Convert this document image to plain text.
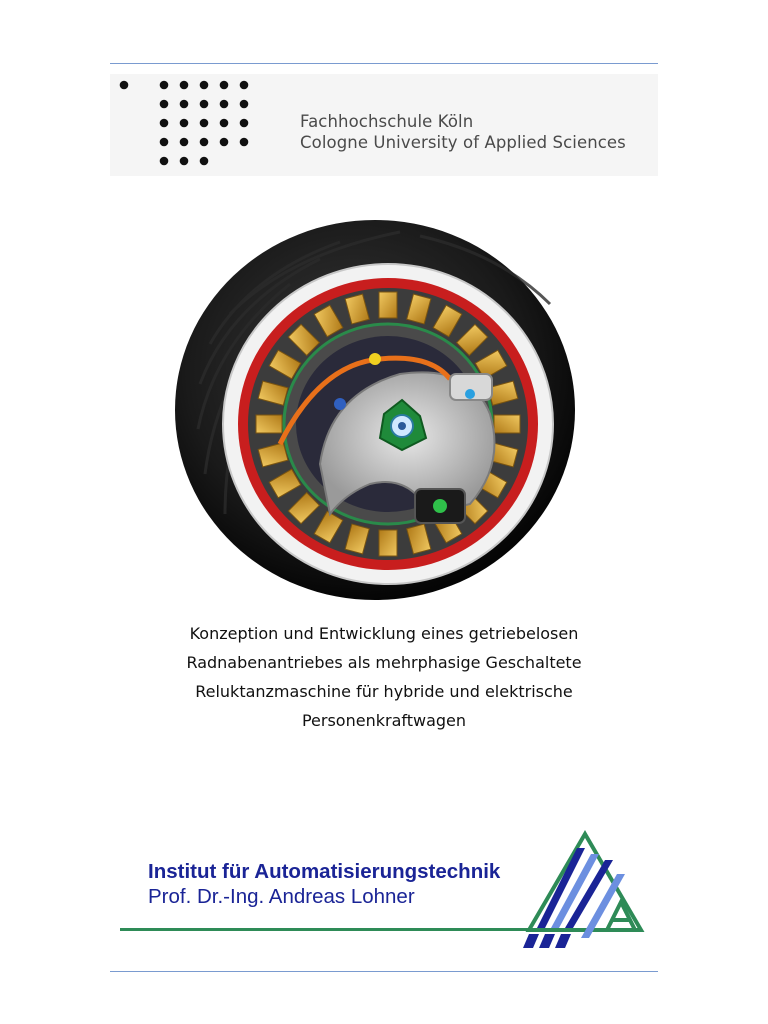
Fachhochschule Köln
Cologne University of Applied Sciences
Konzeption und Entwicklung eines getriebelosen
Radnabenantriebes als mehrphasige Geschaltete
Reluktanzmaschine für hybride und elektrische
Personenkraftwagen
Institut für Automatisierungstechnik
Prof. Dr.-Ing. Andreas Lohner
